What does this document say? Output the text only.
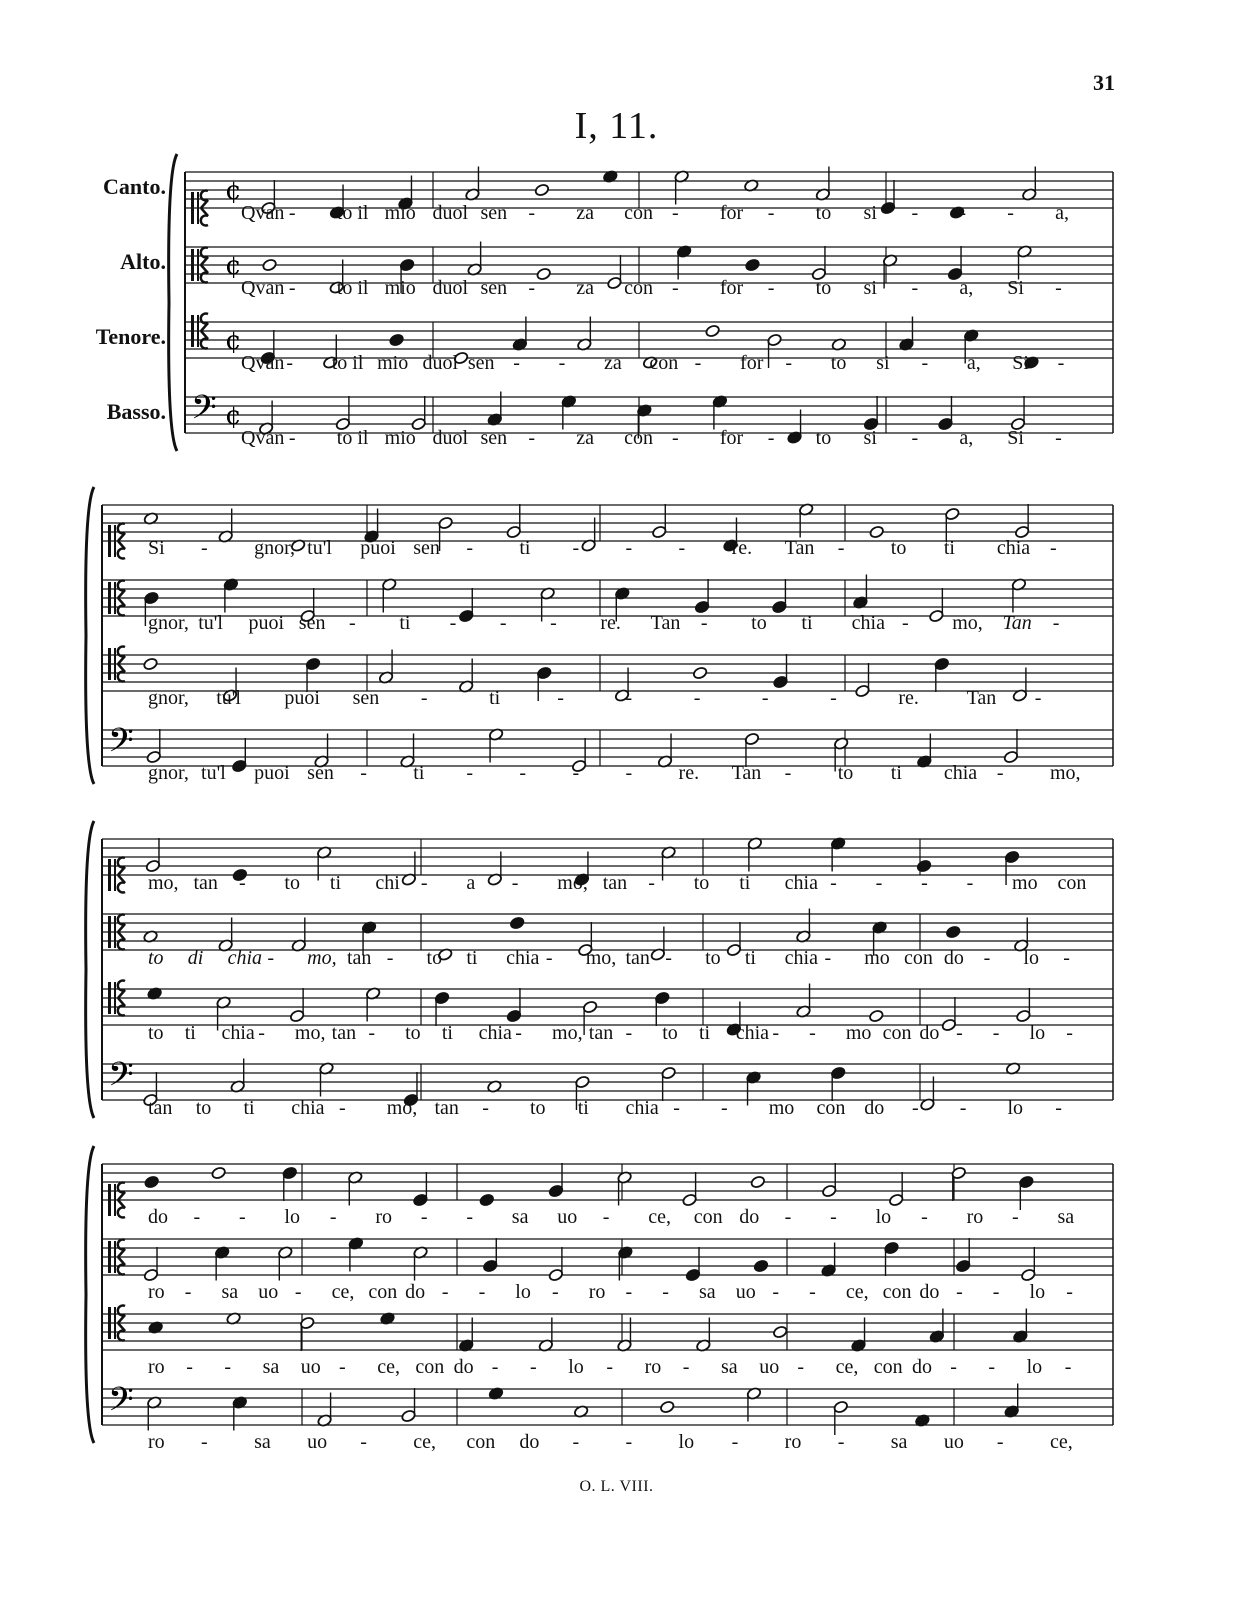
31
I, 11.
Canto.
Alto.
Tenore.
Basso.
¢
Qvan - to il mio duol sen - za con - for - to si - - - a,
¢
Qvan - to il mio duol sen - za con - for - to si - a, Si -
¢
Qvan - to il mio duol sen - - za con - for - to si - a, Si -
𝄢 ¢
Qvan - to il mio duol sen - za con - for - to si - a, Si -
Si - gnor, tu'l puoi sen - ti - - - re. Tan - to ti chia -
gnor, tu'l puoi sen - ti - - - re. Tan - to ti chia - mo, Tan -
gnor, tu'l puoi sen -	ti	-	-	-	-	-	re. Tan -
𝄢
gnor, tu'l puoi sen - ti - - - - re. Tan - to ti chia - mo,
mo, tan - to ti chi - a - mo, tan - to ti chia - - - - mo con
to di chia - mo, tan - to ti chia - mo, tan - to ti chia - mo con do - lo -
to ti chia - mo, tan - to ti chia - mo, tan - to ti chia - - mo con do - - lo -
𝄢
tan to ti chia - mo, tan - to ti chia - - mo con do - - lo -
do - - lo - ro - - sa uo - ce, con do - - lo - ro - sa
ro - sa uo - ce, con do - - lo - ro - - sa uo - - ce, con do - - lo -
ro - - sa uo - ce, con do - - lo - ro - sa uo - ce, con do - - lo -
𝄢
ro - sa uo - ce, con do - - lo - ro - sa uo - ce,
O. L. VIII.
